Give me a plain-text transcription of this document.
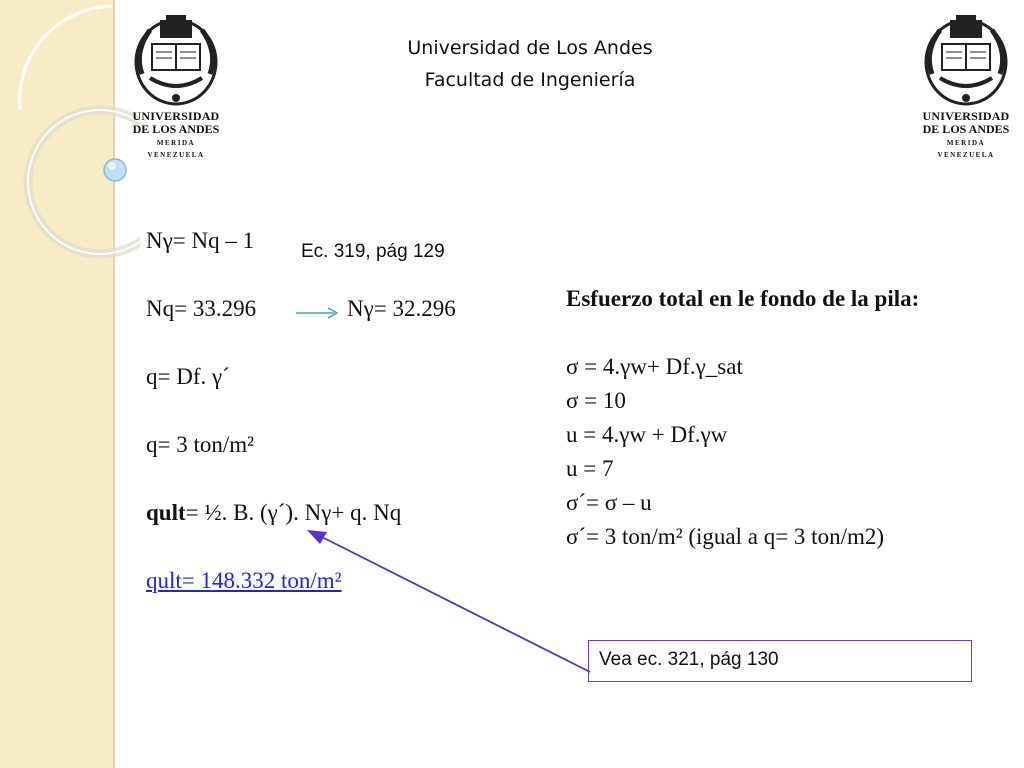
UNIVERSIDAD
DE LOS ANDES
MERIDA VENEZUELA
UNIVERSIDAD
DE LOS ANDES
MERIDA VENEZUELA
Universidad de Los Andes
Facultad de Ingeniería
Nγ= Nq – 1 Ec. 319, pág 129
Nq= 33.296	Nγ= 32.296
q= Df. γ´
q= 3 ton/m²
qult= ½. B. (γ´). Nγ+ q. Nq
qult= 148.332 ton/m²
Esfuerzo total en le fondo de la pila:
σ = 4.γw+ Df.γ_sat
σ = 10
u = 4.γw + Df.γw
u = 7
σ´= σ – u
σ´= 3 ton/m² (igual a q= 3 ton/m2)
Vea ec. 321, pág 130
